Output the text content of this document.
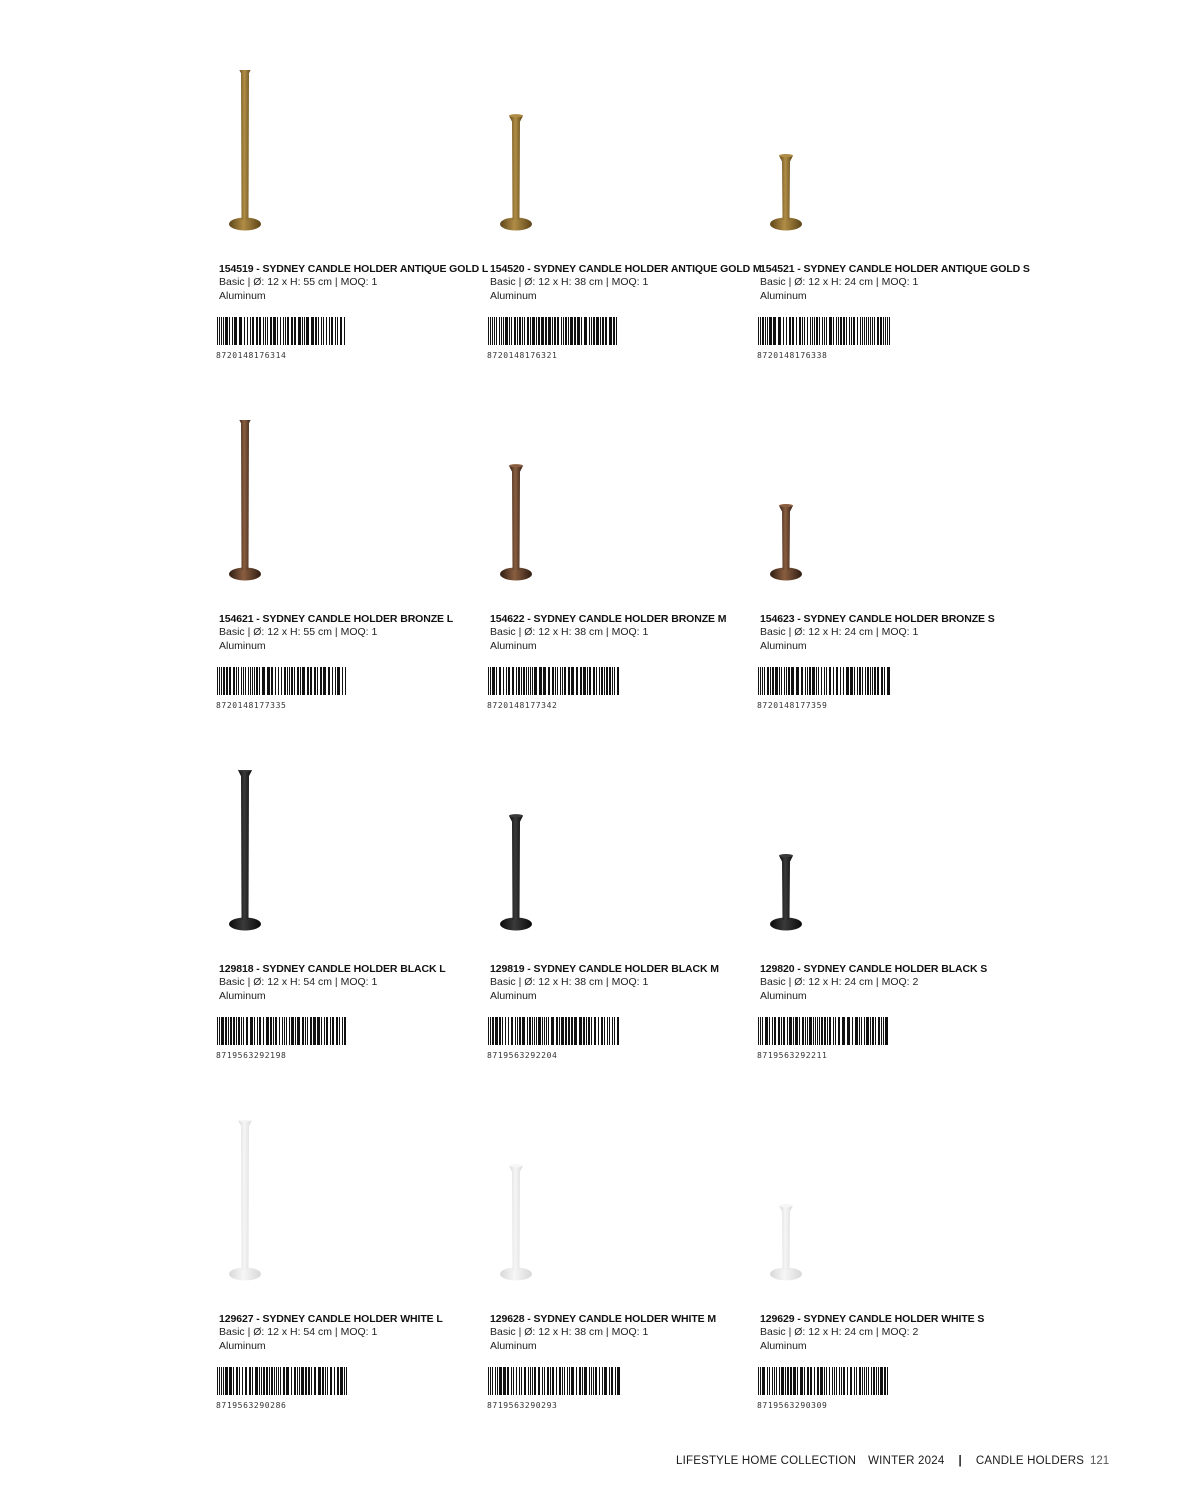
154519 - SYDNEY CANDLE HOLDER ANTIQUE GOLD L
Basic | Ø: 12 x H: 55 cm | MOQ: 1
Aluminum
8720148176314
154520 - SYDNEY CANDLE HOLDER ANTIQUE GOLD M
Basic | Ø: 12 x H: 38 cm | MOQ: 1
Aluminum
8720148176321
154521 - SYDNEY CANDLE HOLDER ANTIQUE GOLD S
Basic | Ø: 12 x H: 24 cm | MOQ: 1
Aluminum
8720148176338
154621 - SYDNEY CANDLE HOLDER BRONZE L
Basic | Ø: 12 x H: 55 cm | MOQ: 1
Aluminum
8720148177335
154622 - SYDNEY CANDLE HOLDER BRONZE M
Basic | Ø: 12 x H: 38 cm | MOQ: 1
Aluminum
8720148177342
154623 - SYDNEY CANDLE HOLDER BRONZE S
Basic | Ø: 12 x H: 24 cm | MOQ: 1
Aluminum
8720148177359
129818 - SYDNEY CANDLE HOLDER BLACK L
Basic | Ø: 12 x H: 54 cm | MOQ: 1
Aluminum
8719563292198
129819 - SYDNEY CANDLE HOLDER BLACK M
Basic | Ø: 12 x H: 38 cm | MOQ: 1
Aluminum
8719563292204
129820 - SYDNEY CANDLE HOLDER BLACK S
Basic | Ø: 12 x H: 24 cm | MOQ: 2
Aluminum
8719563292211
129627 - SYDNEY CANDLE HOLDER WHITE L
Basic | Ø: 12 x H: 54 cm | MOQ: 1
Aluminum
8719563290286
129628 - SYDNEY CANDLE HOLDER WHITE M
Basic | Ø: 12 x H: 38 cm | MOQ: 1
Aluminum
8719563290293
129629 - SYDNEY CANDLE HOLDER WHITE S
Basic | Ø: 12 x H: 24 cm | MOQ: 2
Aluminum
8719563290309
LIFESTYLE HOME COLLECTION WINTER 2024 | CANDLE HOLDERS 121
